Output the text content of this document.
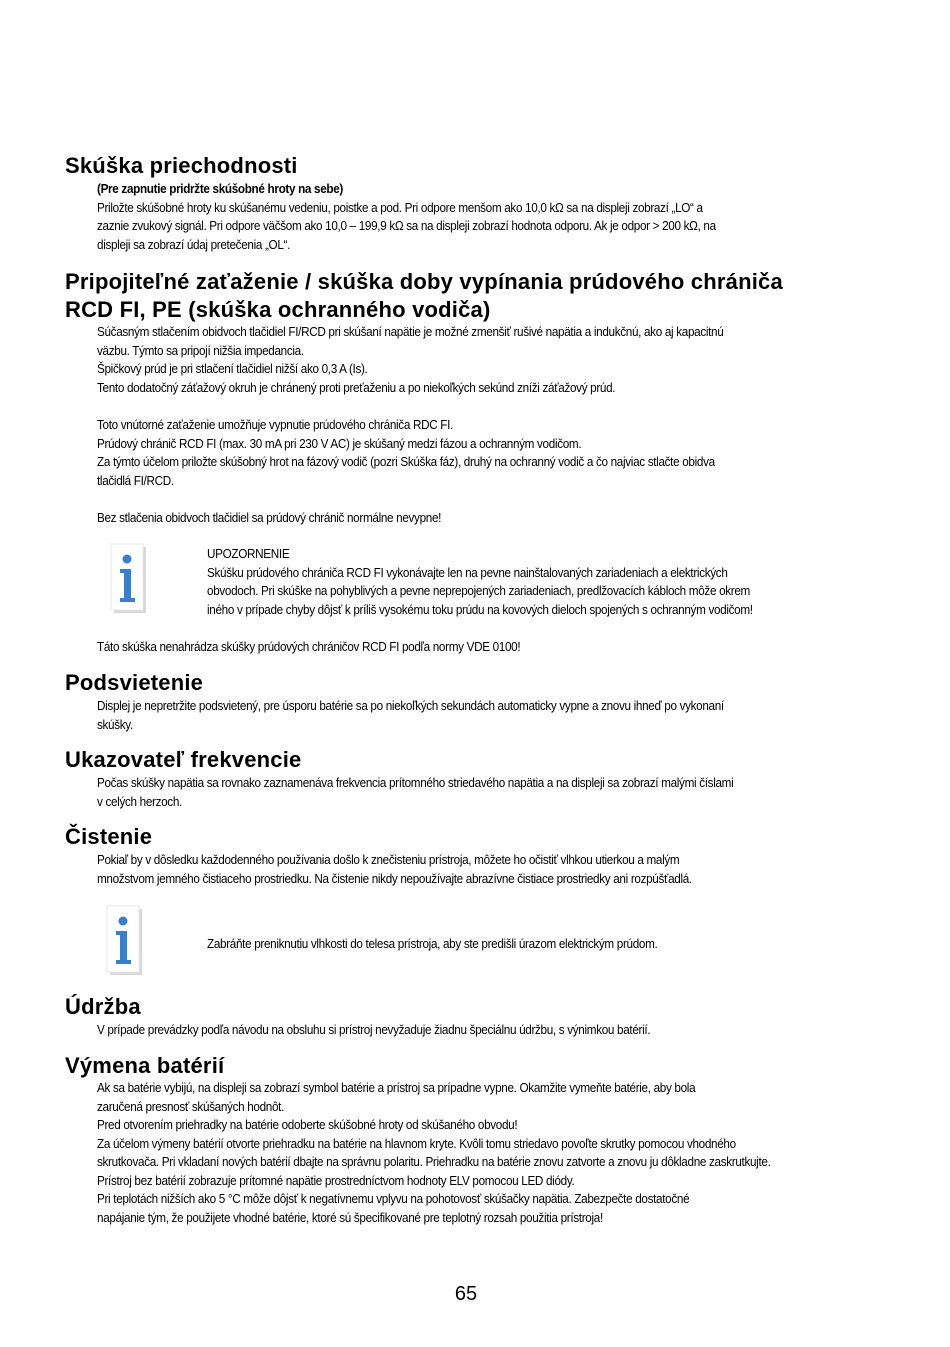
Skúška priechodnosti

(Pre zapnutie pridržte skúšobné hroty na sebe)

Priložte skúšobné hroty ku skúšanému vedeniu, poistke a pod. Pri odpore menšom ako 10,0 kΩ sa na displeji zobrazí „LO“ a

zaznie zvukový signál. Pri odpore väčšom ako 10,0 – 199,9 kΩ sa na displeji zobrazí hodnota odporu. Ak je odpor > 200 kΩ, na

displeji sa zobrazí údaj pretečenia „OL“.

Pripojiteľné zaťaženie / skúška doby vypínania prúdového chrániča
RCD FI, PE (skúška ochranného vodiča)

Súčasným stlačením obidvoch tlačidiel FI/RCD pri skúšaní napätie je možné zmenšiť rušivé napätia a indukčnú, ako aj kapacitnú

väzbu. Týmto sa pripojí nižšia impedancia.

Špičkový prúd je pri stlačení tlačidiel nižší ako 0,3 A (Is).

Tento dodatočný záťažový okruh je chránený proti preťaženiu a po niekoľkých sekúnd zníži záťažový prúd.

Toto vnútorné zaťaženie umožňuje vypnutie prúdového chrániča RDC FI.

Prúdový chránič RCD FI (max. 30 mA pri 230 V AC) je skúšaný medzi fázou a ochranným vodičom.

Za týmto účelom priložte skúšobný hrot na fázový vodič (pozri Skúška fáz), druhý na ochranný vodič a čo najviac stlačte obidva

tlačidlá FI/RCD.

Bez stlačenia obidvoch tlačidiel sa prúdový chránič normálne nevypne!

UPOZORNENIE

Skúšku prúdového chrániča RCD FI vykonávajte len na pevne nainštalovaných zariadeniach a elektrických

obvodoch. Pri skúške na pohyblivých a pevne neprepojených zariadeniach, predlžovacích kábloch môže okrem

iného v prípade chyby dôjsť k príliš vysokému toku prúdu na kovových dieloch spojených s ochranným vodičom!

Táto skúška nenahrádza skúšky prúdových chráničov RCD FI podľa normy VDE 0100!

Podsvietenie

Displej je nepretržite podsvietený, pre úsporu batérie sa po niekoľkých sekundách automaticky vypne a znovu ihneď po vykonaní

skúšky.

Ukazovateľ frekvencie

Počas skúšky napätia sa rovnako zaznamenáva frekvencia prítomného striedavého napätia a na displeji sa zobrazí malými číslami

v celých herzoch.

Čistenie

Pokiaľ by v dôsledku každodenného používania došlo k znečisteniu prístroja, môžete ho očistiť vlhkou utierkou a malým

množstvom jemného čistiaceho prostriedku. Na čistenie nikdy nepoužívajte abrazívne čistiace prostriedky ani rozpúšťadlá.

Zabráňte preniknutiu vlhkosti do telesa prístroja, aby ste predišli úrazom elektrickým prúdom.

Údržba

V prípade prevádzky podľa návodu na obsluhu si prístroj nevyžaduje žiadnu špeciálnu údržbu, s výnimkou batérií.

Výmena batérií

Ak sa batérie vybijú, na displeji sa zobrazí symbol batérie a prístroj sa prípadne vypne. Okamžite vymeňte batérie, aby bola

zaručená presnosť skúšaných hodnôt.

Pred otvorením priehradky na batérie odoberte skúšobné hroty od skúšaného obvodu!

Za účelom výmeny batérií otvorte priehradku na batérie na hlavnom kryte. Kvôli tomu striedavo povoľte skrutky pomocou vhodného

skrutkovača. Pri vkladaní nových batérií dbajte na správnu polaritu. Priehradku na batérie znovu zatvorte a znovu ju dôkladne zaskrutkujte.

Prístroj bez batérií zobrazuje prítomné napätie prostredníctvom hodnoty ELV pomocou LED diódy.

Pri teplotách nižších ako 5 °C môže dôjsť k negatívnemu vplyvu na pohotovosť skúšačky napätia. Zabezpečte dostatočné

napájanie tým, že použijete vhodné batérie, ktoré sú špecifikované pre teplotný rozsah použitia prístroja!

65
